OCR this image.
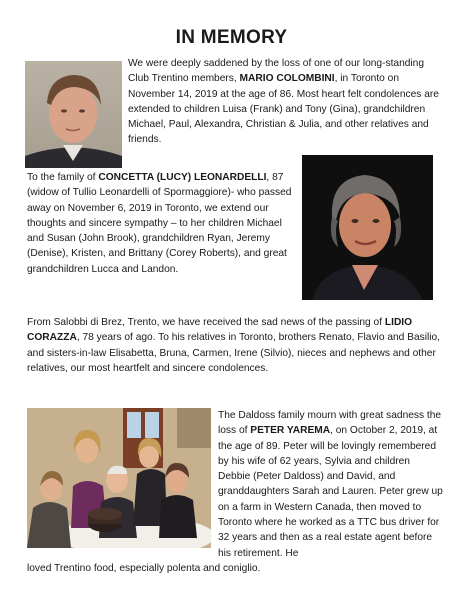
IN MEMORY

We were deeply saddened by the loss of one of our long-standing Club Trentino members, MARIO COLOMBINI, in Toronto on November 14, 2019 at the age of 86. Most heart felt condolences are extended to children Luisa (Frank) and Tony (Gina), grandchildren Michael, Paul, Alexandra, Christian & Julia, and other relatives and friends.

To the family of CONCETTA (LUCY) LEONARDELLI, 87 (widow of Tullio Leonardelli of Spormaggiore)- who passed away on November 6, 2019 in Toronto, we extend our thoughts and sincere sympathy – to her children Michael and Susan (John Brook), grandchildren Ryan, Jeremy (Denise), Kristen, and Brittany (Corey Roberts), and great grandchildren Lucca and Landon.

From Salobbi di Brez, Trento, we have received the sad news of the passing of LIDIO CORAZZA, 78 years of ago. To his relatives in Toronto, brothers Renato, Flavio and Basilio, and sisters-in-law Elisabetta, Bruna, Carmen, Irene (Silvio), nieces and nephews and other relatives, our most heartfelt and sincere condolences.

The Daldoss family mourn with great sadness the loss of PETER YAREMA, on October 2, 2019, at the age of 89. Peter will be lovingly remembered by his wife of 62 years, Sylvia and children Debbie (Peter Daldoss) and David, and granddaughters Sarah and Lauren. Peter grew up on a farm in Western Canada, then moved to Toronto where he worked as a TTC bus driver for 32 years and then as a real estate agent before his retirement. He

loved Trentino food, especially polenta and coniglio.
